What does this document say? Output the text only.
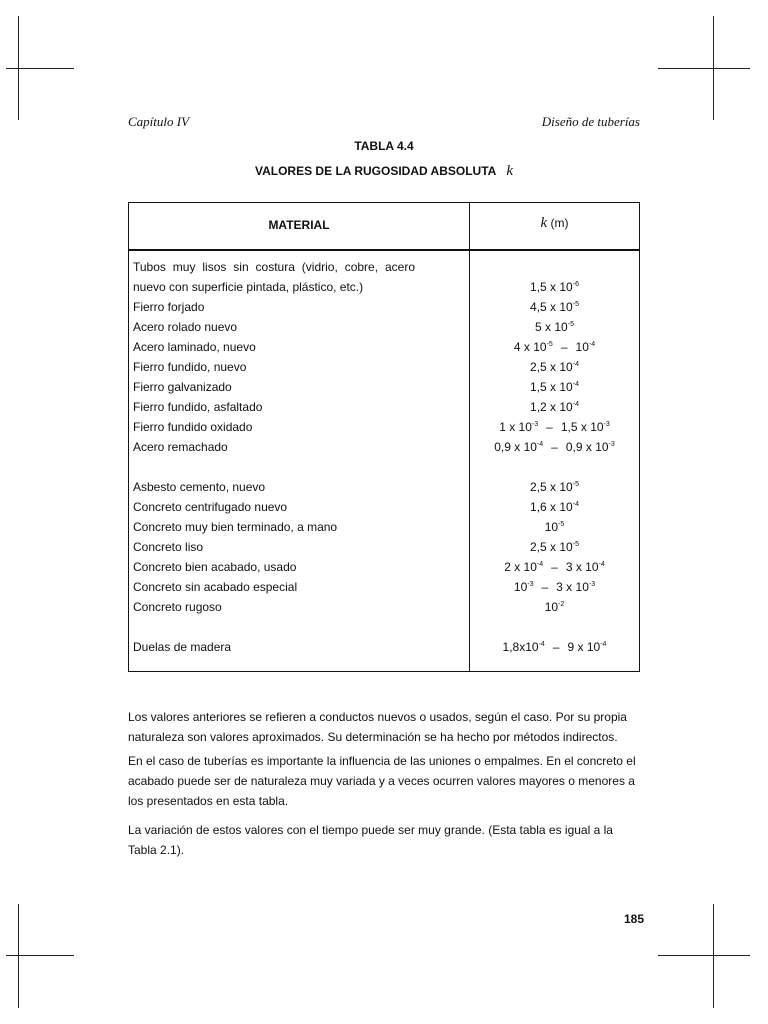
Capítulo IV	Diseño de tuberías
TABLA 4.4
VALORES DE LA RUGOSIDAD ABSOLUTA k
MATERIAL	k (m)
Tubos muy lisos sin costura (vidrio, cobre, acero
nuevo con superficie pintada, plástico, etc.)	1,5 x $10^{-6}$
Fierro forjado	4,5 x $10^{-5}$
Acero rolado nuevo	5 x $10^{-5}$
Acero laminado, nuevo	4 x $10^{-5} - 10^{-4}$
Fierro fundido, nuevo	2,5 x $10^{-4}$
Fierro galvanizado	1,5 x $10^{-4}$
Fierro fundido, asfaltado	1,2 x $10^{-4}$
Fierro fundido oxidado	1 x $10^{-3} - 1,5$ x $10^{-3}$
Acero remachado	0,9 x $10^{-4} - 0,9$ x $10^{-3}$
Asbesto cemento, nuevo	2,5 x $10^{-5}$
Concreto centrifugado nuevo	1,6 x $10^{-4}$
Concreto muy bien terminado, a mano	$10^{-5}$
Concreto liso	2,5 x $10^{-5}$
Concreto bien acabado, usado	2 x $10^{-4} - 3$ x $10^{-4}$
Concreto sin acabado especial	$10^{-3} - 3$ x $10^{-3}$
Concreto rugoso	$10^{-2}$
Duelas de madera	$1,8x10^{-4} - 9$ x $10^{-4}$

Los valores anteriores se refieren a conductos nuevos o usados, según el caso. Por su propia naturaleza son valores aproximados. Su determinación se ha hecho por métodos indirectos.

En el caso de tuberías es importante la influencia de las uniones o empalmes. En el concreto el acabado puede ser de naturaleza muy variada y a veces ocurren valores mayores o menores a los presentados en esta tabla.

La variación de estos valores con el tiempo puede ser muy grande. (Esta tabla es igual a la Tabla 2.1).

185
